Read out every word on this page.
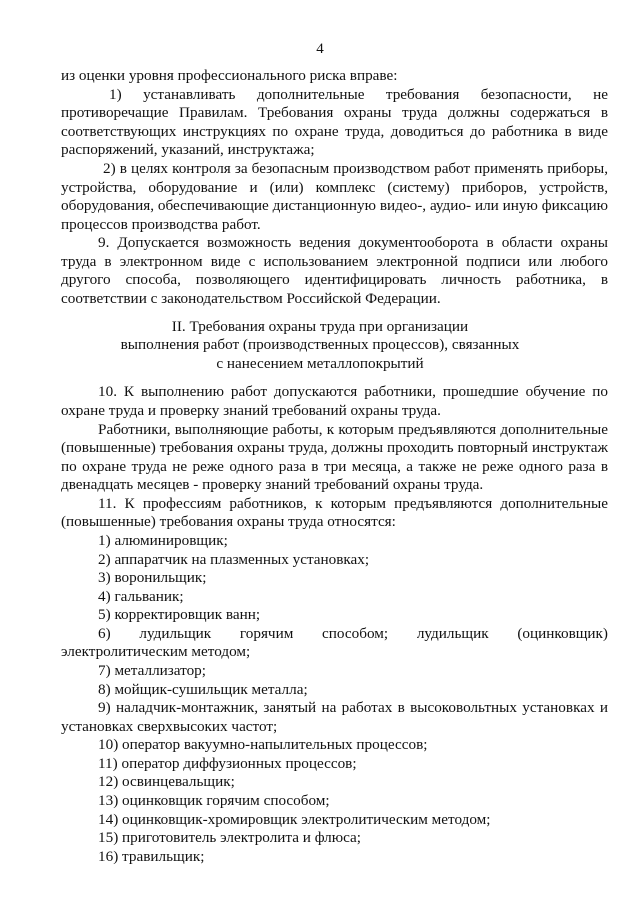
4
из оценки уровня профессионального риска вправе:
1) устанавливать дополнительные требования безопасности, не
противоречащие Правилам. Требования охраны труда должны содержаться в
соответствующих инструкциях по охране труда, доводиться до работника в виде
распоряжений, указаний, инструктажа;
2) в целях контроля за безопасным производством работ применять приборы,
устройства, оборудование и (или) комплекс (систему) приборов, устройств,
оборудования, обеспечивающие дистанционную видео-, аудио- или иную фиксацию
процессов производства работ.
9. Допускается возможность ведения документооборота в области охраны
труда в электронном виде с использованием электронной подписи или любого
другого способа, позволяющего идентифицировать личность работника, в
соответствии с законодательством Российской Федерации.
II. Требования охраны труда при организации
выполнения работ (производственных процессов), связанных
с нанесением металлопокрытий
10. К выполнению работ допускаются работники, прошедшие обучение по
охране труда и проверку знаний требований охраны труда.
Работники, выполняющие работы, к которым предъявляются дополнительные
(повышенные) требования охраны труда, должны проходить повторный инструктаж
по охране труда не реже одного раза в три месяца, а также не реже одного раза в
двенадцать месяцев - проверку знаний требований охраны труда.
11. К профессиям работников, к которым предъявляются дополнительные
(повышенные) требования охраны труда относятся:
1) алюминировщик;
2) аппаратчик на плазменных установках;
3) воронильщик;
4) гальваник;
5) корректировщик ванн;
6) лудильщик горячим способом; лудильщик (оцинковщик)
электролитическим методом;
7) металлизатор;
8) мойщик-сушильщик металла;
9) наладчик-монтажник, занятый на работах в высоковольтных установках и
установках сверхвысоких частот;
10) оператор вакуумно-напылительных процессов;
11) оператор диффузионных процессов;
12) освинцевальщик;
13) оцинковщик горячим способом;
14) оцинковщик-хромировщик электролитическим методом;
15) приготовитель электролита и флюса;
16) травильщик;
